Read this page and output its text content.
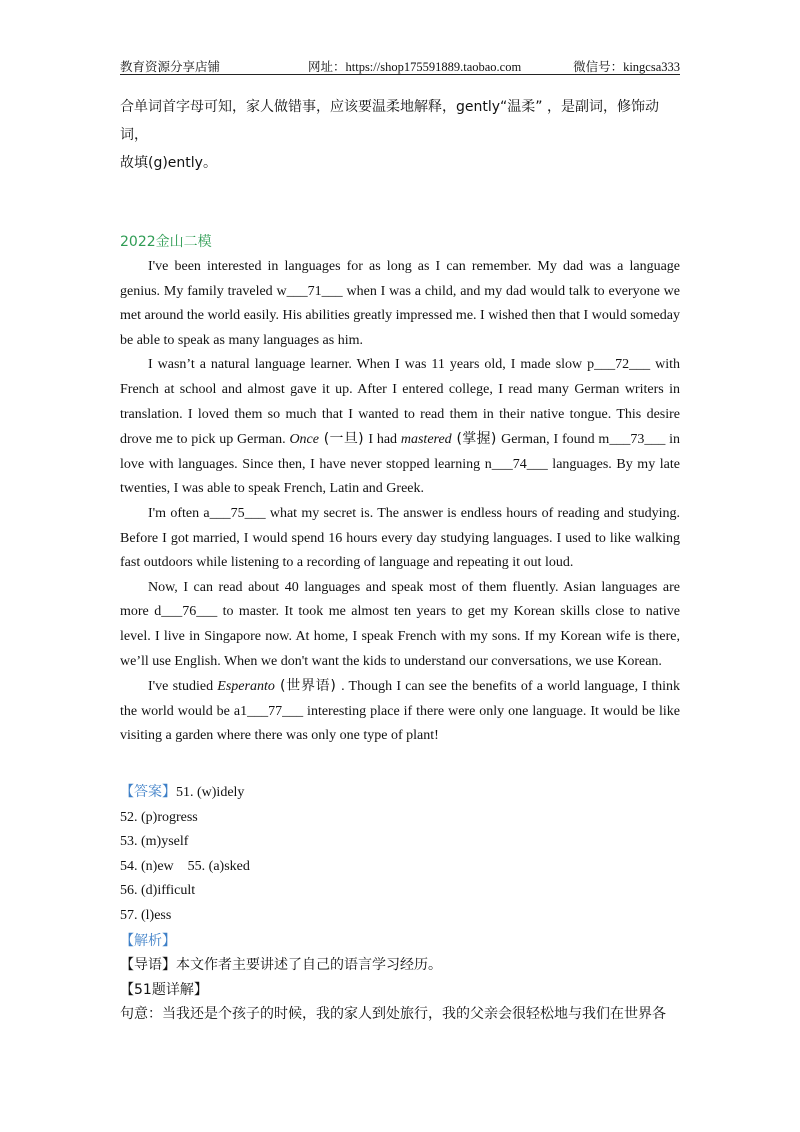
教育资源分享店铺	网址：https://shop175591889.taobao.com	微信号：kingcsa333
合单词首字母可知，家人做错事，应该要温柔地解释，gently“温柔” ，是副词，修饰动词，
故填(g)ently。
2022金山二模

I've been interested in languages for as long as I can remember. My dad was a language genius. My family traveled w___71___ when I was a child, and my dad would talk to everyone we met around the world easily. His abilities greatly impressed me. I wished then that I would someday be able to speak as many languages as him.

I wasn’t a natural language learner. When I was 11 years old, I made slow p___72___ with French at school and almost gave it up. After I entered college, I read many German writers in translation. I loved them so much that I wanted to read them in their native tongue. This desire drove me to pick up German. Once (一旦) I had mastered (掌握) German, I found m___73___ in love with languages. Since then, I have never stopped learning n___74___ languages. By my late twenties, I was able to speak French, Latin and Greek.

I'm often a___75___ what my secret is. The answer is endless hours of reading and studying. Before I got married, I would spend 16 hours every day studying languages. I used to like walking fast outdoors while listening to a recording of language and repeating it out loud.

Now, I can read about 40 languages and speak most of them fluently. Asian languages are more d___76___ to master. It took me almost ten years to get my Korean skills close to native level. I live in Singapore now. At home, I speak French with my sons. If my Korean wife is there, we’ll use English. When we don't want the kids to understand our conversations, we use Korean.

I've studied Esperanto (世界语) . Though I can see the benefits of a world language, I think the world would be a1___77___ interesting place if there were only one language. It would be like visiting a garden where there was only one type of plant!

【答案】51. (w)idely
52. (p)rogress
53. (m)yself
54. (n)ew 55. (a)sked
56. (d)ifficult
57. (l)ess
【解析】
【导语】本文作者主要讲述了自己的语言学习经历。
【51题详解】
句意：当我还是个孩子的时候，我的家人到处旅行，我的父亲会很轻松地与我们在世界各
